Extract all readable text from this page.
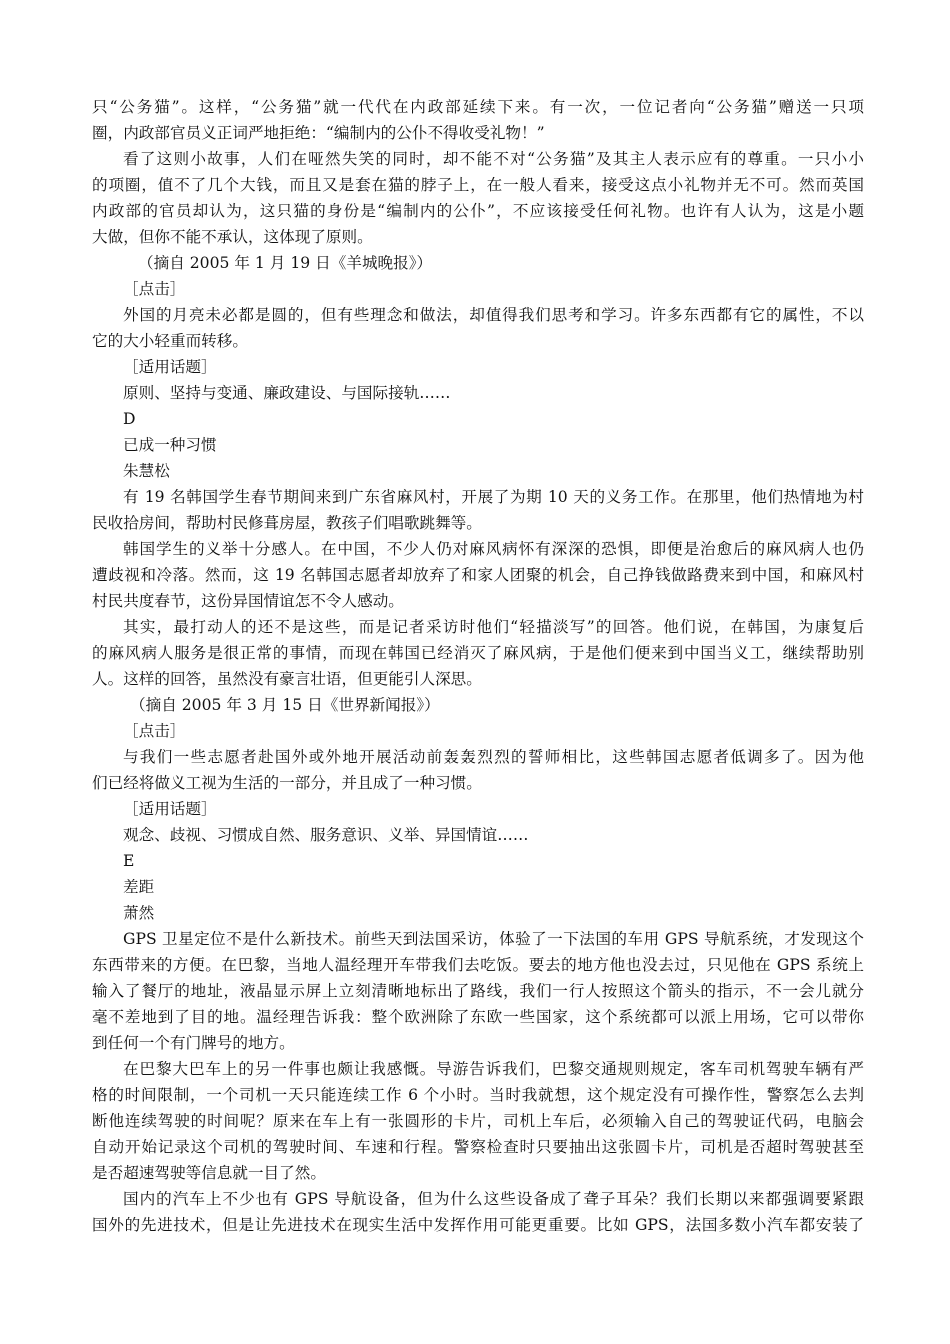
只“公务猫”。这样，“公务猫”就一代代在内政部延续下来。有一次，一位记者向“公务猫”赠送一只项
圈，内政部官员义正词严地拒绝：“编制内的公仆不得收受礼物！”
看了这则小故事，人们在哑然失笑的同时，却不能不对“公务猫”及其主人表示应有的尊重。一只小小
的项圈，值不了几个大钱，而且又是套在猫的脖子上，在一般人看来，接受这点小礼物并无不可。然而英国
内政部的官员却认为，这只猫的身份是“编制内的公仆”，不应该接受任何礼物。也许有人认为，这是小题
大做，但你不能不承认，这体现了原则。
（摘自 2005 年 1 月 19 日《羊城晚报》）
［点击］
外国的月亮未必都是圆的，但有些理念和做法，却值得我们思考和学习。许多东西都有它的属性，不以
它的大小轻重而转移。
［适用话题］
原则、坚持与变通、廉政建设、与国际接轨……
D
已成一种习惯
朱慧松
有 19 名韩国学生春节期间来到广东省麻风村，开展了为期 10 天的义务工作。在那里，他们热情地为村
民收拾房间，帮助村民修葺房屋，教孩子们唱歌跳舞等。
韩国学生的义举十分感人。在中国，不少人仍对麻风病怀有深深的恐惧，即便是治愈后的麻风病人也仍
遭歧视和冷落。然而，这 19 名韩国志愿者却放弃了和家人团聚的机会，自己挣钱做路费来到中国，和麻风村
村民共度春节，这份异国情谊怎不令人感动。
其实，最打动人的还不是这些，而是记者采访时他们“轻描淡写”的回答。他们说，在韩国，为康复后
的麻风病人服务是很正常的事情，而现在韩国已经消灭了麻风病，于是他们便来到中国当义工，继续帮助别
人。这样的回答，虽然没有豪言壮语，但更能引人深思。
（摘自 2005 年 3 月 15 日《世界新闻报》）
［点击］
与我们一些志愿者赴国外或外地开展活动前轰轰烈烈的誓师相比，这些韩国志愿者低调多了。因为他
们已经将做义工视为生活的一部分，并且成了一种习惯。
［适用话题］
观念、歧视、习惯成自然、服务意识、义举、异国情谊……
E
差距
萧然
GPS 卫星定位不是什么新技术。前些天到法国采访，体验了一下法国的车用 GPS 导航系统，才发现这个
东西带来的方便。在巴黎，当地人温经理开车带我们去吃饭。要去的地方他也没去过，只见他在 GPS 系统上
输入了餐厅的地址，液晶显示屏上立刻清晰地标出了路线，我们一行人按照这个箭头的指示，不一会儿就分
毫不差地到了目的地。温经理告诉我：整个欧洲除了东欧一些国家，这个系统都可以派上用场，它可以带你
到任何一个有门牌号的地方。
在巴黎大巴车上的另一件事也颇让我感慨。导游告诉我们，巴黎交通规则规定，客车司机驾驶车辆有严
格的时间限制，一个司机一天只能连续工作 6 个小时。当时我就想，这个规定没有可操作性，警察怎么去判
断他连续驾驶的时间呢？原来在车上有一张圆形的卡片，司机上车后，必须输入自己的驾驶证代码，电脑会
自动开始记录这个司机的驾驶时间、车速和行程。警察检查时只要抽出这张圆卡片，司机是否超时驾驶甚至
是否超速驾驶等信息就一目了然。
国内的汽车上不少也有 GPS 导航设备，但为什么这些设备成了聋子耳朵？我们长期以来都强调要紧跟
国外的先进技术，但是让先进技术在现实生活中发挥作用可能更重要。比如 GPS，法国多数小汽车都安装了
